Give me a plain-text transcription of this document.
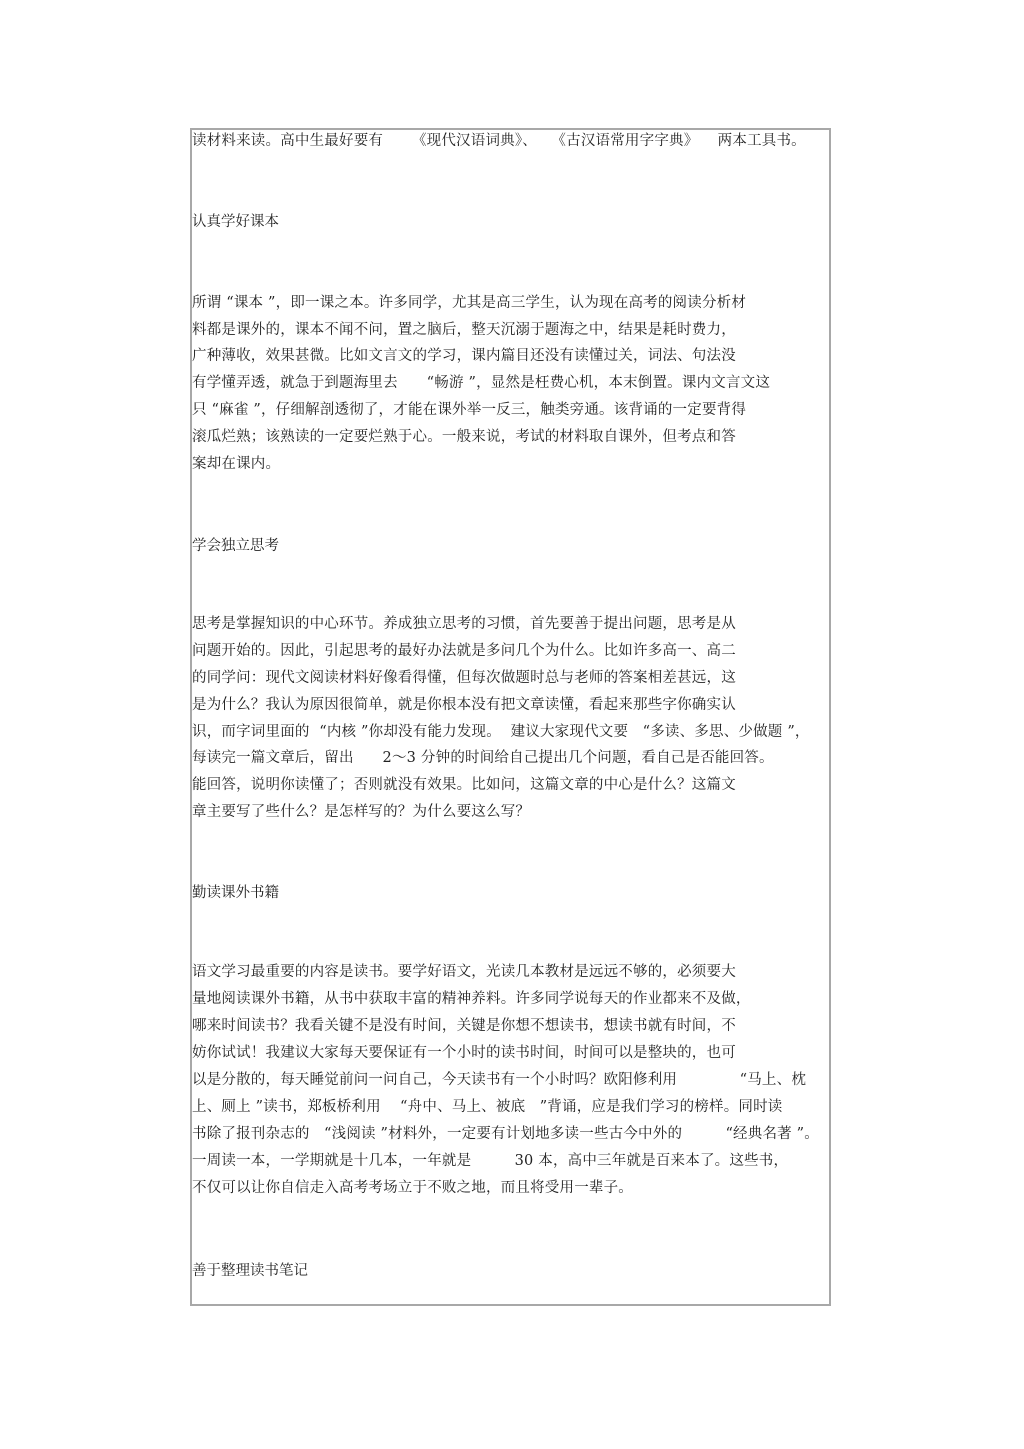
读材料来读。高中生最好要有      《现代汉语词典》、   《古汉语常用字字典》    两本工具书。
认真学好课本
所谓 “课本 ”，即一课之本。许多同学，尤其是高三学生，认为现在高考的阅读分析材
料都是课外的，课本不闻不问，置之脑后，整天沉溺于题海之中，结果是耗时费力，
广种薄收，效果甚微。比如文言文的学习，课内篇目还没有读懂过关，词法、句法没
有学懂弄透，就急于到题海里去      “畅游 ”，显然是枉费心机，本末倒置。课内文言文这
只 “麻雀 ”，仔细解剖透彻了，才能在课外举一反三，触类旁通。该背诵的一定要背得
滚瓜烂熟；该熟读的一定要烂熟于心。一般来说，考试的材料取自课外，但考点和答
案却在课内。
学会独立思考
思考是掌握知识的中心环节。养成独立思考的习惯，首先要善于提出问题，思考是从
问题开始的。因此，引起思考的最好办法就是多问几个为什么。比如许多高一、高二
的同学问：现代文阅读材料好像看得懂，但每次做题时总与老师的答案相差甚远，这
是为什么？我认为原因很简单，就是你根本没有把文章读懂，看起来那些字你确实认
识，而字词里面的  “内核 ”你却没有能力发现。  建议大家现代文要   “多读、多思、少做题 ”，
每读完一篇文章后，留出      2～3 分钟的时间给自己提出几个问题，看自己是否能回答。
能回答，说明你读懂了；否则就没有效果。比如问，这篇文章的中心是什么？这篇文
章主要写了些什么？是怎样写的？为什么要这么写？
勤读课外书籍
语文学习最重要的内容是读书。要学好语文，光读几本教材是远远不够的，必须要大
量地阅读课外书籍，从书中获取丰富的精神养料。许多同学说每天的作业都来不及做，
哪来时间读书？我看关键不是没有时间，关键是你想不想读书，想读书就有时间，不
妨你试试！我建议大家每天要保证有一个小时的读书时间，时间可以是整块的，也可
以是分散的，每天睡觉前问一问自己，今天读书有一个小时吗？欧阳修利用             “马上、枕
上、厕上 ”读书，郑板桥利用    “舟中、马上、被底   ”背诵，应是我们学习的榜样。同时读
书除了报刊杂志的   “浅阅读 ”材料外，一定要有计划地多读一些古今中外的         “经典名著 ”。
一周读一本，一学期就是十几本，一年就是         30 本，高中三年就是百来本了。这些书，
不仅可以让你自信走入高考考场立于不败之地，而且将受用一辈子。
善于整理读书笔记
